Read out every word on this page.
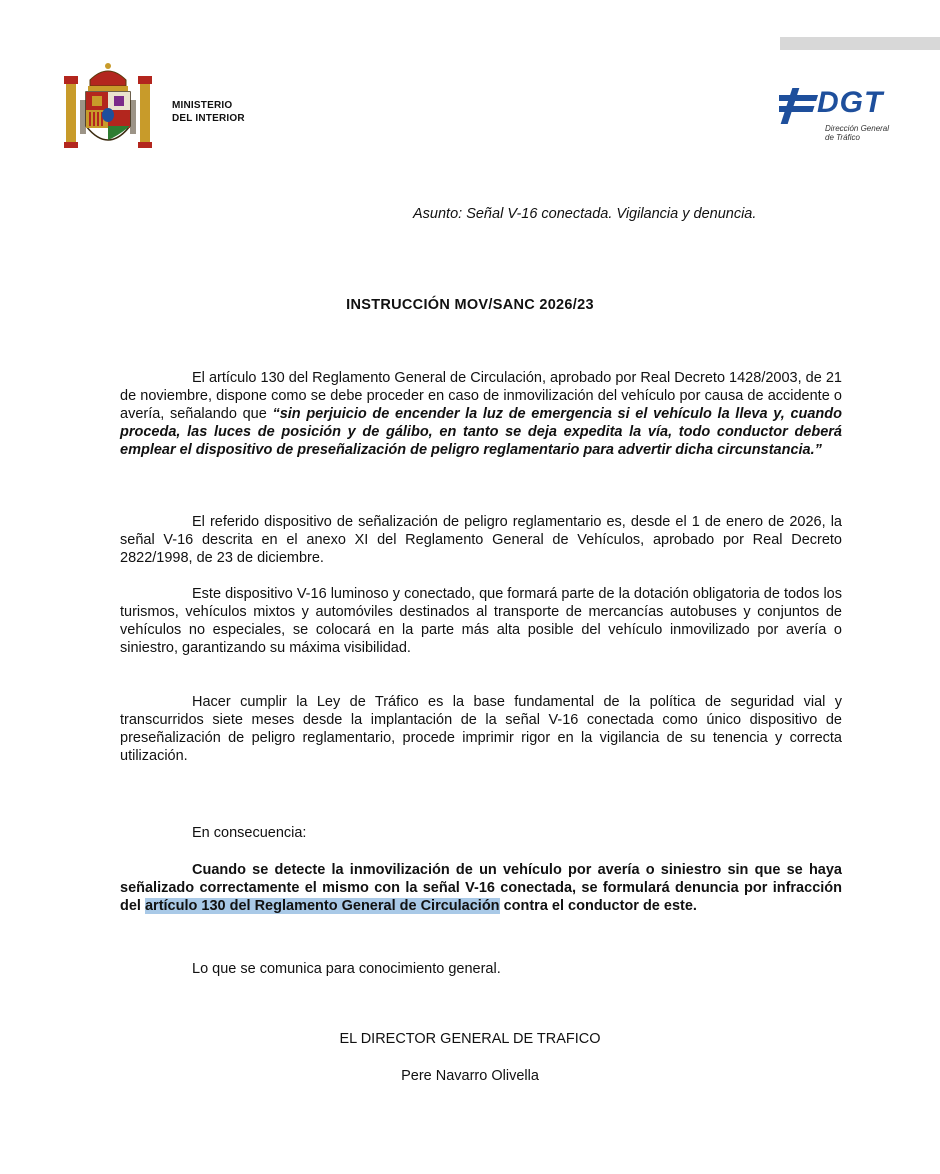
MINISTERIO
DEL INTERIOR	DGT
Dirección General
de Tráfico
Asunto: Señal V-16 conectada. Vigilancia y denuncia.
INSTRUCCIÓN MOV/SANC 2026/23

El artículo 130 del Reglamento General de Circulación, aprobado por Real Decreto 1428/2003, de 21 de noviembre, dispone como se debe proceder en caso de inmovilización del vehículo por causa de accidente o avería, señalando que “sin perjuicio de encender la luz de emergencia si el vehículo la lleva y, cuando proceda, las luces de posición y de gálibo, en tanto se deja expedita la vía, todo conductor deberá emplear el dispositivo de preseñalización de peligro reglamentario para advertir dicha circunstancia.”

El referido dispositivo de señalización de peligro reglamentario es, desde el 1 de enero de 2026, la señal V-16 descrita en el anexo XI del Reglamento General de Vehículos, aprobado por Real Decreto 2822/1998, de 23 de diciembre.

Este dispositivo V-16 luminoso y conectado, que formará parte de la dotación obligatoria de todos los turismos, vehículos mixtos y automóviles destinados al transporte de mercancías autobuses y conjuntos de vehículos no especiales, se colocará en la parte más alta posible del vehículo inmovilizado por avería o siniestro, garantizando su máxima visibilidad.

Hacer cumplir la Ley de Tráfico es la base fundamental de la política de seguridad vial y transcurridos siete meses desde la implantación de la señal V-16 conectada como único dispositivo de preseñalización de peligro reglamentario, procede imprimir rigor en la vigilancia de su tenencia y correcta utilización.

En consecuencia:

Cuando se detecte la inmovilización de un vehículo por avería o siniestro sin que se haya señalizado correctamente el mismo con la señal V-16 conectada, se formulará denuncia por infracción del artículo 130 del Reglamento General de Circulación contra el conductor de este.

Lo que se comunica para conocimiento general.
EL DIRECTOR GENERAL DE TRAFICO
Pere Navarro Olivella
